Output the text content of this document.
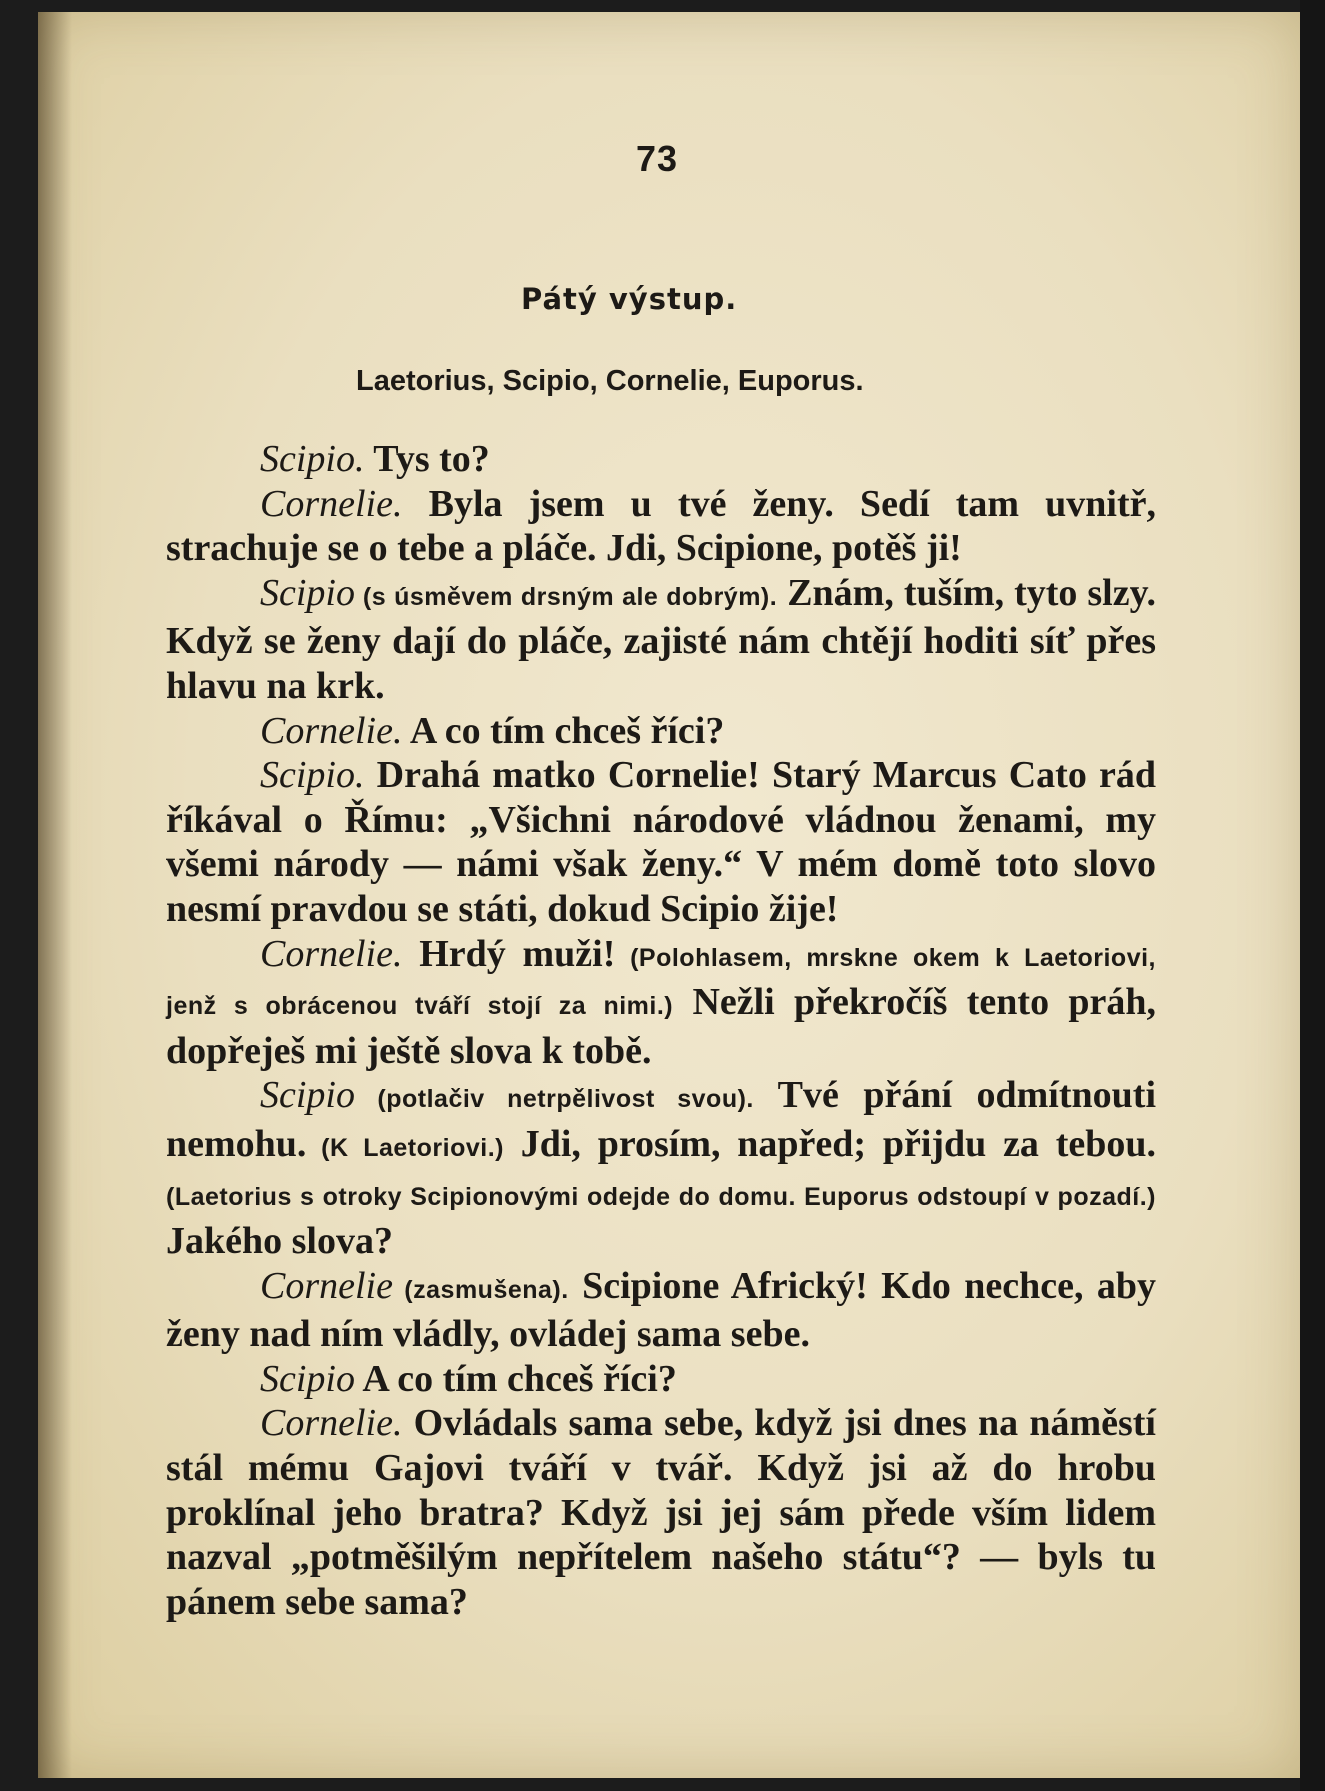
73
Pátý výstup.
Laetorius, Scipio, Cornelie, Euporus.

Scipio. Tys to?

Cornelie. Byla jsem u tvé ženy. Sedí tam uvnitř, strachuje se o tebe a pláče. Jdi, Scipione, potěš ji!

Scipio (s úsměvem drsným ale dobrým). Znám, tuším, tyto slzy. Když se ženy dají do pláče, zajisté nám chtějí hoditi síť přes hlavu na krk.

Cornelie. A co tím chceš říci?

Scipio. Drahá matko Cornelie! Starý Marcus Cato rád říkával o Římu: „Všichni národové vládnou ženami, my všemi národy — námi však ženy.“ V mém domě toto slovo nesmí pravdou se státi, dokud Scipio žije!

Cornelie. Hrdý muži! (Polohlasem, mrskne okem k Laetoriovi, jenž s obrácenou tváří stojí za nimi.) Nežli překročíš tento práh, dopřeješ mi ještě slova k tobě.

Scipio (potlačiv netrpělivost svou). Tvé přání odmítnouti nemohu. (K Laetoriovi.) Jdi, prosím, napřed; přijdu za tebou. (Laetorius s otroky Scipionovými odejde do domu. Euporus odstoupí v pozadí.) Jakého slova?

Cornelie (zasmušena). Scipione Africký! Kdo nechce, aby ženy nad ním vládly, ovládej sama sebe.

Scipio A co tím chceš říci?

Cornelie. Ovládals sama sebe, když jsi dnes na náměstí stál mému Gajovi tváří v tvář. Když jsi až do hrobu proklínal jeho bratra? Když jsi jej sám přede vším lidem nazval „potměšilým nepřítelem našeho státu“? — byls tu pánem sebe sama?
